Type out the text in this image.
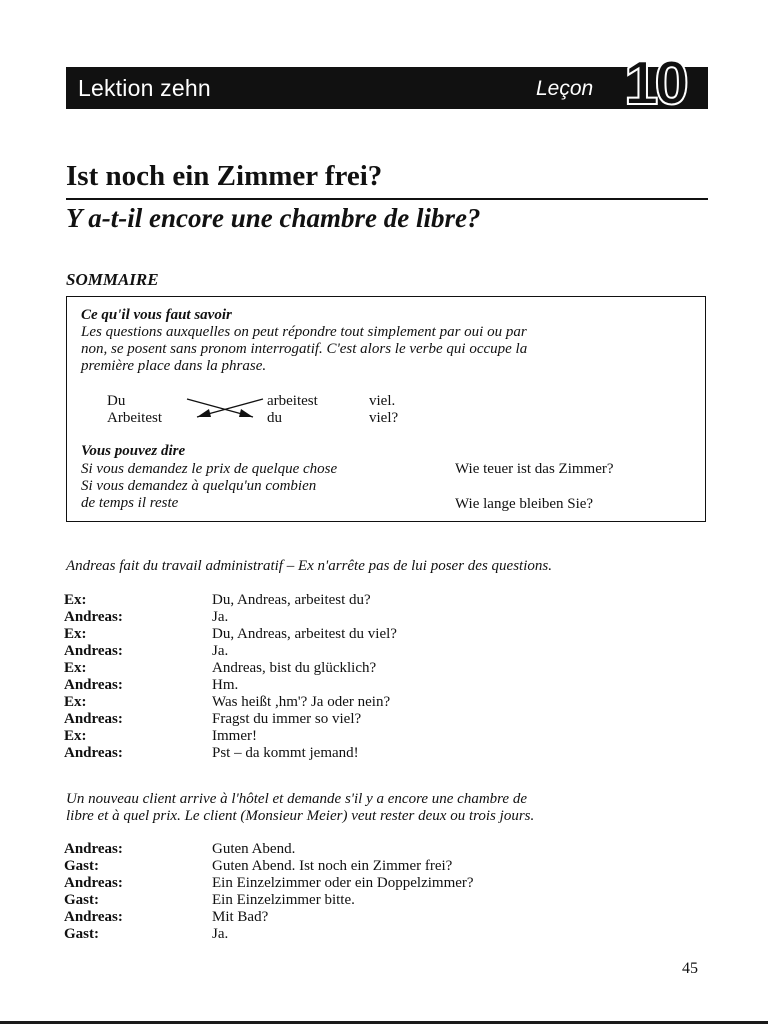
Lektion zehn	Leçon 10
Ist noch ein Zimmer frei?
Y a-t-il encore une chambre de libre?
SOMMAIRE
Ce qu'il vous faut savoir
Les questions auxquelles on peut répondre tout simplement par oui ou par
non, se posent sans pronom interrogatif. C'est alors le verbe qui occupe la
première place dans la phrase.
Du	arbeitest	viel.
Arbeitest	du	viel?
Vous pouvez dire
Si vous demandez le prix de quelque chose	Wie teuer ist das Zimmer?
Si vous demandez à quelqu'un combien
de temps il reste	Wie lange bleiben Sie?
Andreas fait du travail administratif – Ex n'arrête pas de lui poser des questions.
Ex:	Du, Andreas, arbeitest du?
Andreas:	Ja.
Ex:	Du, Andreas, arbeitest du viel?
Andreas:	Ja.
Ex:	Andreas, bist du glücklich?
Andreas:	Hm.
Ex:	Was heißt ,hm'? Ja oder nein?
Andreas:	Fragst du immer so viel?
Ex:	Immer!
Andreas:	Pst – da kommt jemand!
Un nouveau client arrive à l'hôtel et demande s'il y a encore une chambre de
libre et à quel prix. Le client (Monsieur Meier) veut rester deux ou trois jours.
Andreas:	Guten Abend.
Gast:	Guten Abend. Ist noch ein Zimmer frei?
Andreas:	Ein Einzelzimmer oder ein Doppelzimmer?
Gast:	Ein Einzelzimmer bitte.
Andreas:	Mit Bad?
Gast:	Ja.
45
